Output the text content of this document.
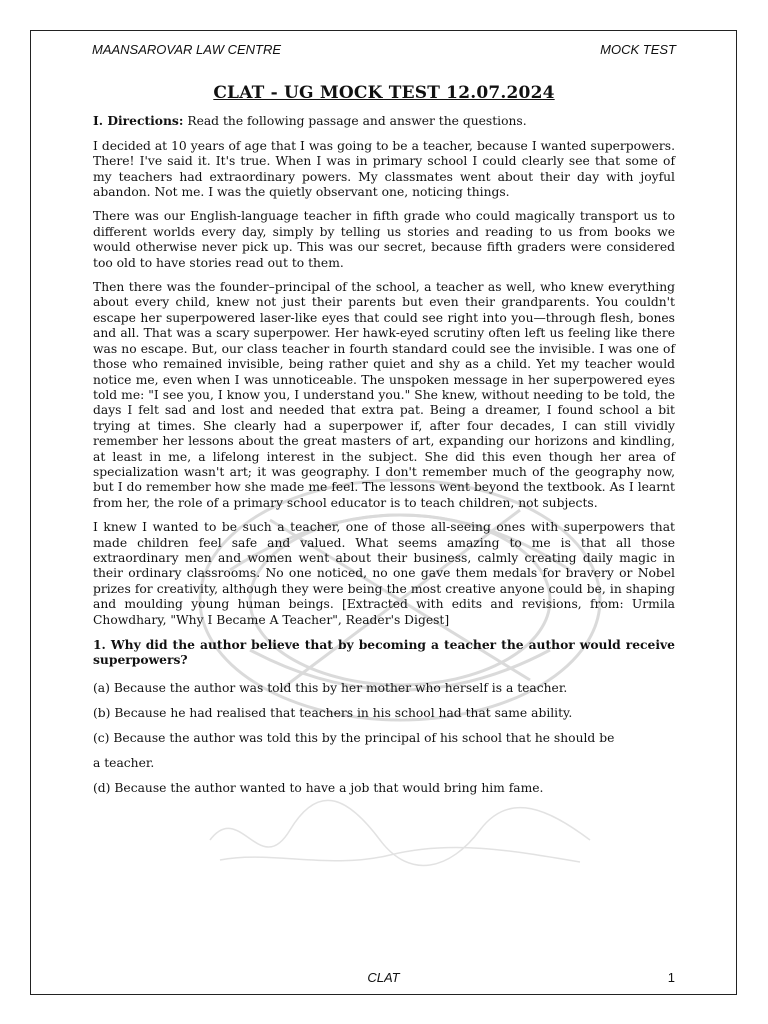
MAANSAROVAR LAW CENTRE	MOCK TEST
CLAT - UG MOCK TEST 12.07.2024

I. Directions: Read the following passage and answer the questions.

I decided at 10 years of age that I was going to be a teacher, because I wanted superpowers. There! I've said it. It's true. When I was in primary school I could clearly see that some of my teachers had extraordinary powers. My classmates went about their day with joyful abandon. Not me. I was the quietly observant one, noticing things.

There was our English-language teacher in fifth grade who could magically transport us to different worlds every day, simply by telling us stories and reading to us from books we would otherwise never pick up. This was our secret, because fifth graders were considered too old to have stories read out to them.

Then there was the founder–principal of the school, a teacher as well, who knew everything about every child, knew not just their parents but even their grandparents. You couldn't escape her superpowered laser-like eyes that could see right into you—through flesh, bones and all. That was a scary superpower. Her hawk-eyed scrutiny often left us feeling like there was no escape. But, our class teacher in fourth standard could see the invisible. I was one of those who remained invisible, being rather quiet and shy as a child. Yet my teacher would notice me, even when I was unnoticeable. The unspoken message in her superpowered eyes told me: "I see you, I know you, I understand you." She knew, without needing to be told, the days I felt sad and lost and needed that extra pat. Being a dreamer, I found school a bit trying at times. She clearly had a superpower if, after four decades, I can still vividly remember her lessons about the great masters of art, expanding our horizons and kindling, at least in me, a lifelong interest in the subject. She did this even though her area of specialization wasn't art; it was geography. I don't remember much of the geography now, but I do remember how she made me feel. The lessons went beyond the textbook. As I learnt from her, the role of a primary school educator is to teach children, not subjects.

I knew I wanted to be such a teacher, one of those all-seeing ones with superpowers that made children feel safe and valued. What seems amazing to me is that all those extraordinary men and women went about their business, calmly creating daily magic in their ordinary classrooms. No one noticed, no one gave them medals for bravery or Nobel prizes for creativity, although they were being the most creative anyone could be, in shaping and moulding young human beings. [Extracted with edits and revisions, from: Urmila Chowdhary, "Why I Became A Teacher", Reader's Digest]

1. Why did the author believe that by becoming a teacher the author would receive superpowers?

(a) Because the author was told this by her mother who herself is a teacher.

(b) Because he had realised that teachers in his school had that same ability.

(c) Because the author was told this by the principal of his school that he should be

a teacher.

(d) Because the author wanted to have a job that would bring him fame.

CLAT	1
